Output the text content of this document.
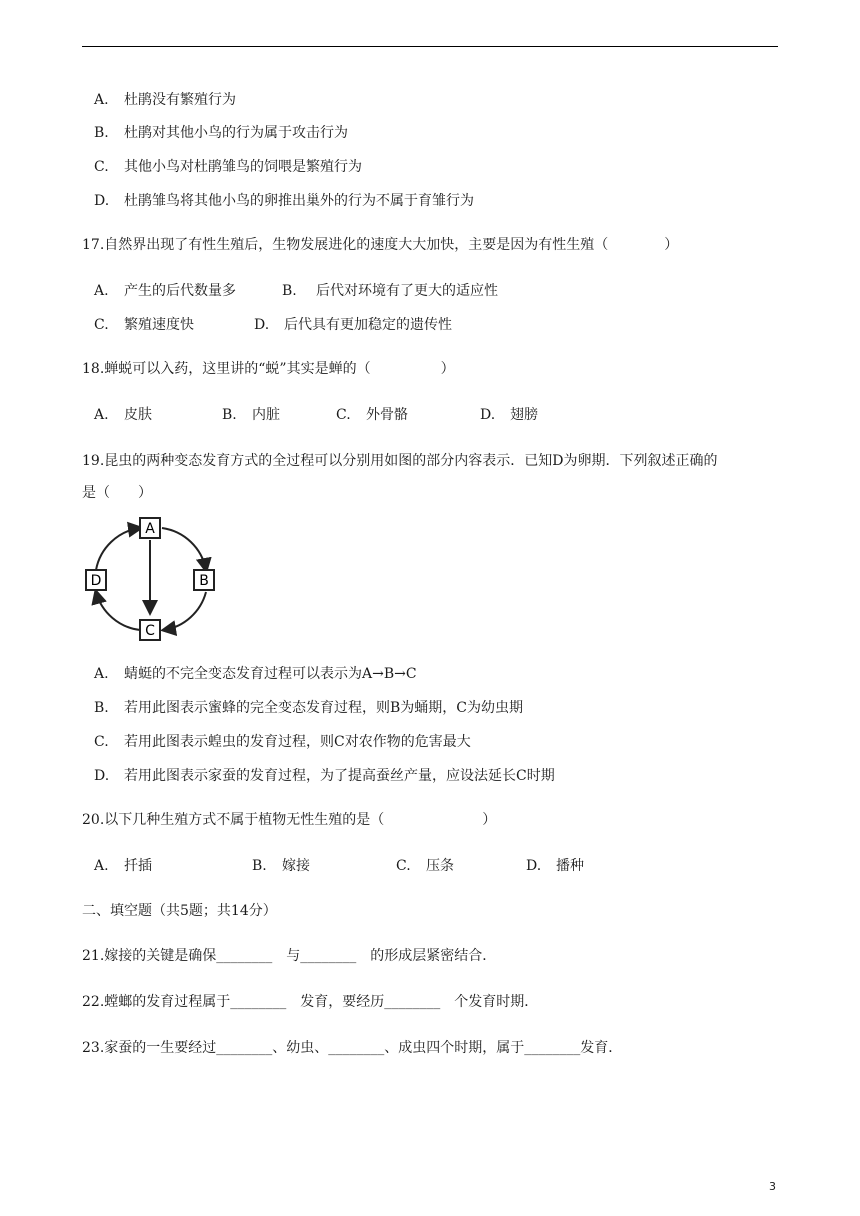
A. 杜鹃没有繁殖行为
B. 杜鹃对其他小鸟的行为属于攻击行为
C. 其他小鸟对杜鹃雏鸟的饲喂是繁殖行为
D. 杜鹃雏鸟将其他小鸟的卵推出巢外的行为不属于育雏行为
17.自然界出现了有性生殖后，生物发展进化的速度大大加快，主要是因为有性生殖（　　　　）
A. 产生的后代数量多	B. 后代对环境有了更大的适应性
C. 繁殖速度快	D. 后代具有更加稳定的遗传性
18.蝉蜕可以入药，这里讲的“蜕”其实是蝉的（　　　　　）
A. 皮肤	B. 内脏	C. 外骨骼	D. 翅膀
19.昆虫的两种变态发育方式的全过程可以分别用如图的部分内容表示．已知D为卵期．下列叙述正确的
是（　　）
A
B
C
D
A. 蜻蜓的不完全变态发育过程可以表示为A→B→C
B. 若用此图表示蜜蜂的完全变态发育过程，则B为蛹期，C为幼虫期
C. 若用此图表示蝗虫的发育过程，则C对农作物的危害最大
D. 若用此图表示家蚕的发育过程，为了提高蚕丝产量，应设法延长C时期
20.以下几种生殖方式不属于植物无性生殖的是（　　　　　　　）
A. 扦插	B. 嫁接	C. 压条	D. 播种
二、填空题（共5题；共14分）
21.嫁接的关键是确保________　与________　的形成层紧密结合．
22.螳螂的发育过程属于________　发育，要经历________　个发育时期．
23.家蚕的一生要经过________、幼虫、________、成虫四个时期，属于________发育．
3
